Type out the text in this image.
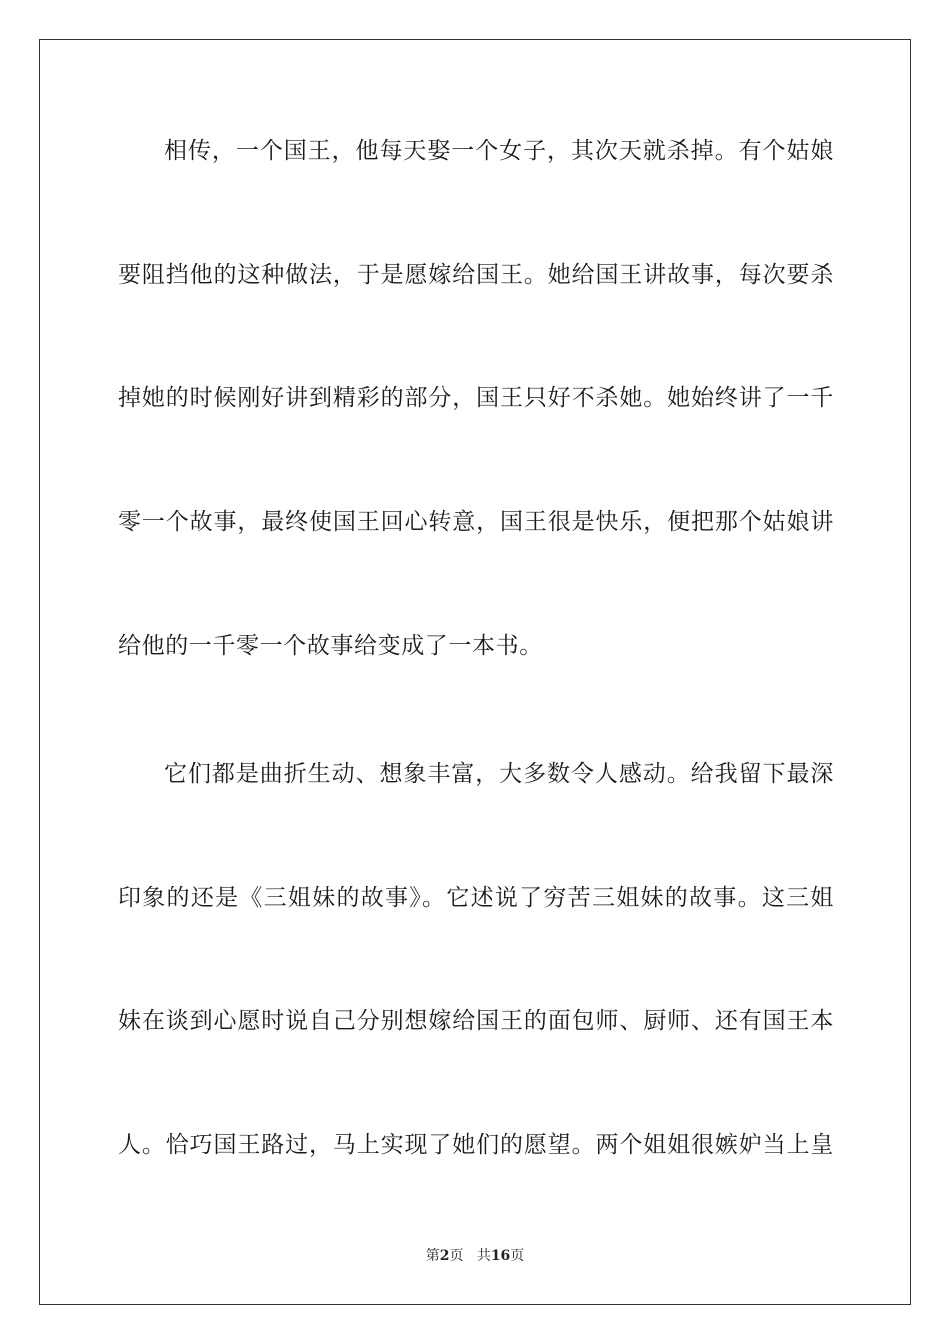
相传，一个国王，他每天娶一个女子，其次天就杀掉。有个姑娘
要阻挡他的这种做法，于是愿嫁给国王。她给国王讲故事，每次要杀
掉她的时候刚好讲到精彩的部分，国王只好不杀她。她始终讲了一千
零一个故事，最终使国王回心转意，国王很是快乐，便把那个姑娘讲
给他的一千零一个故事给变成了一本书。
它们都是曲折生动、想象丰富，大多数令人感动。给我留下最深
印象的还是《三姐妹的故事》。它述说了穷苦三姐妹的故事。这三姐
妹在谈到心愿时说自己分别想嫁给国王的面包师、厨师、还有国王本
人。恰巧国王路过，马上实现了她们的愿望。两个姐姐很嫉妒当上皇
第2页 共16页
